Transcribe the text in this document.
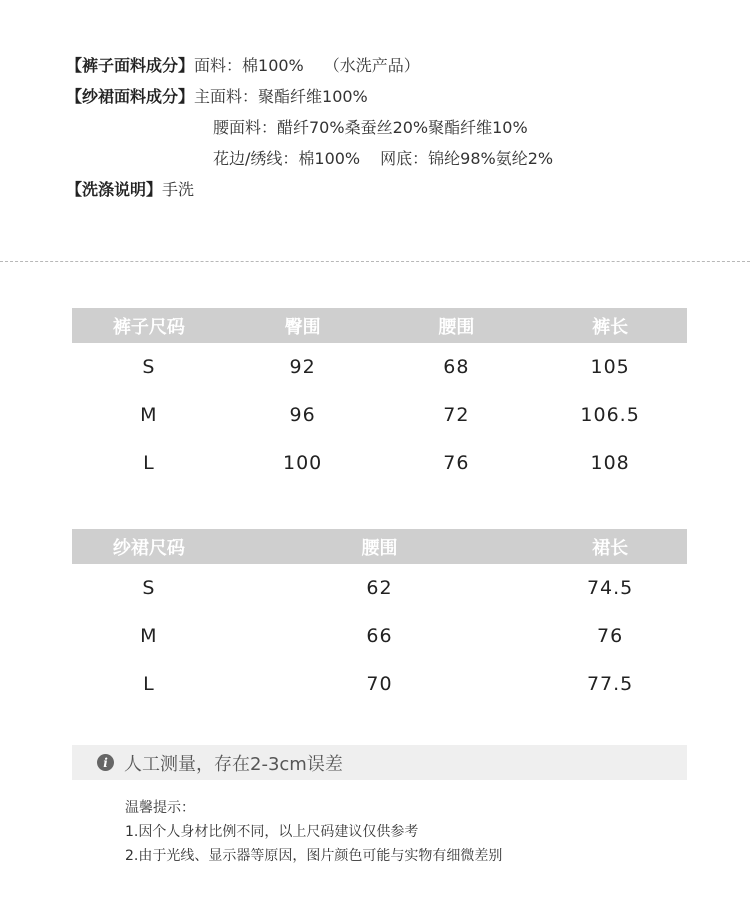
【裤子面料成分】 面料：棉100% （水洗产品）
【纱裙面料成分】 主面料：聚酯纤维100%
腰面料：醋纤70%桑蚕丝20%聚酯纤维10%
花边/绣线：棉100% 网底：锦纶98%氨纶2%
【洗涤说明】 手洗
裤子尺码	臀围	腰围	裤长
S	92	68	105
M	96	72	106.5
L	100	76	108
纱裙尺码	腰围	裙长
S	62	74.5
M	66	76
L	70	77.5
i 人工测量，存在2-3cm误差
温馨提示：
1.因个人身材比例不同，以上尺码建议仅供参考
2.由于光线、显示器等原因，图片颜色可能与实物有细微差别
